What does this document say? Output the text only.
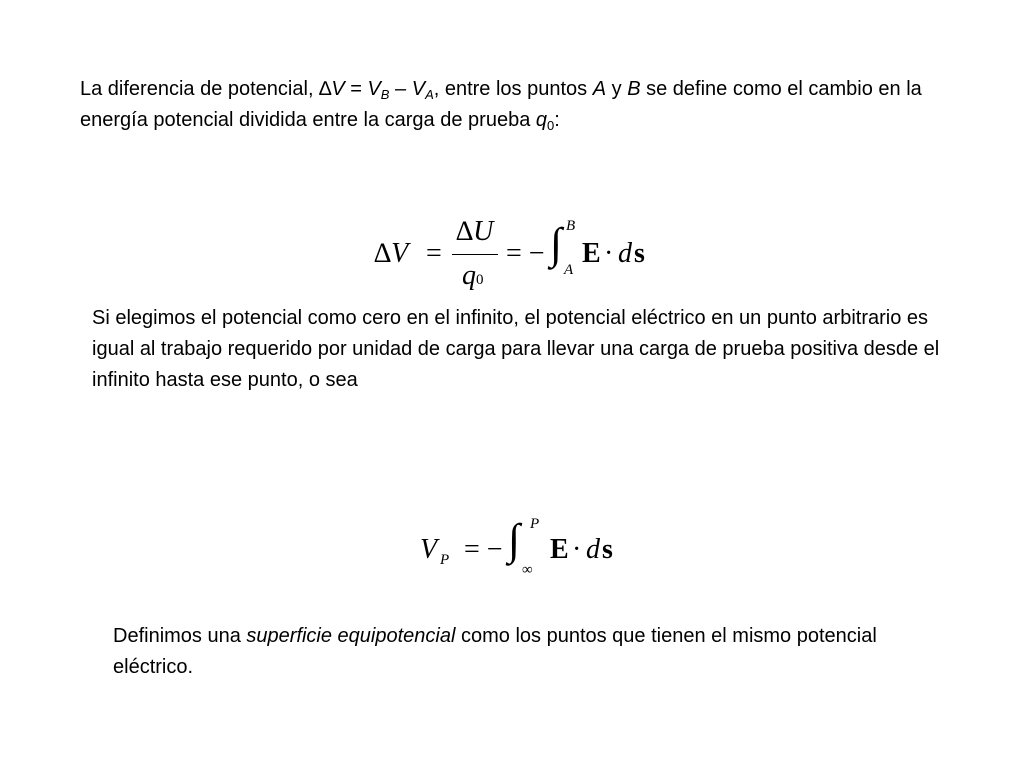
La diferencia de potencial, $\Delta V = V_B - V_A$, entre los puntos A y B se define como el cambio en la energía potencial dividida entre la carga de prueba $q_0$:
∆V =
∆U
q0
= − ∫ B
A
E · d s
Si elegimos el potencial como cero en el infinito, el potencial eléctrico en un punto arbitrario es igual al trabajo requerido por unidad de carga para llevar una carga de prueba positiva desde el infinito hasta ese punto, o sea
V P = − ∫ P
∞
E · d s
Definimos una superficie equipotencial como los puntos que tienen el mismo potencial eléctrico.
